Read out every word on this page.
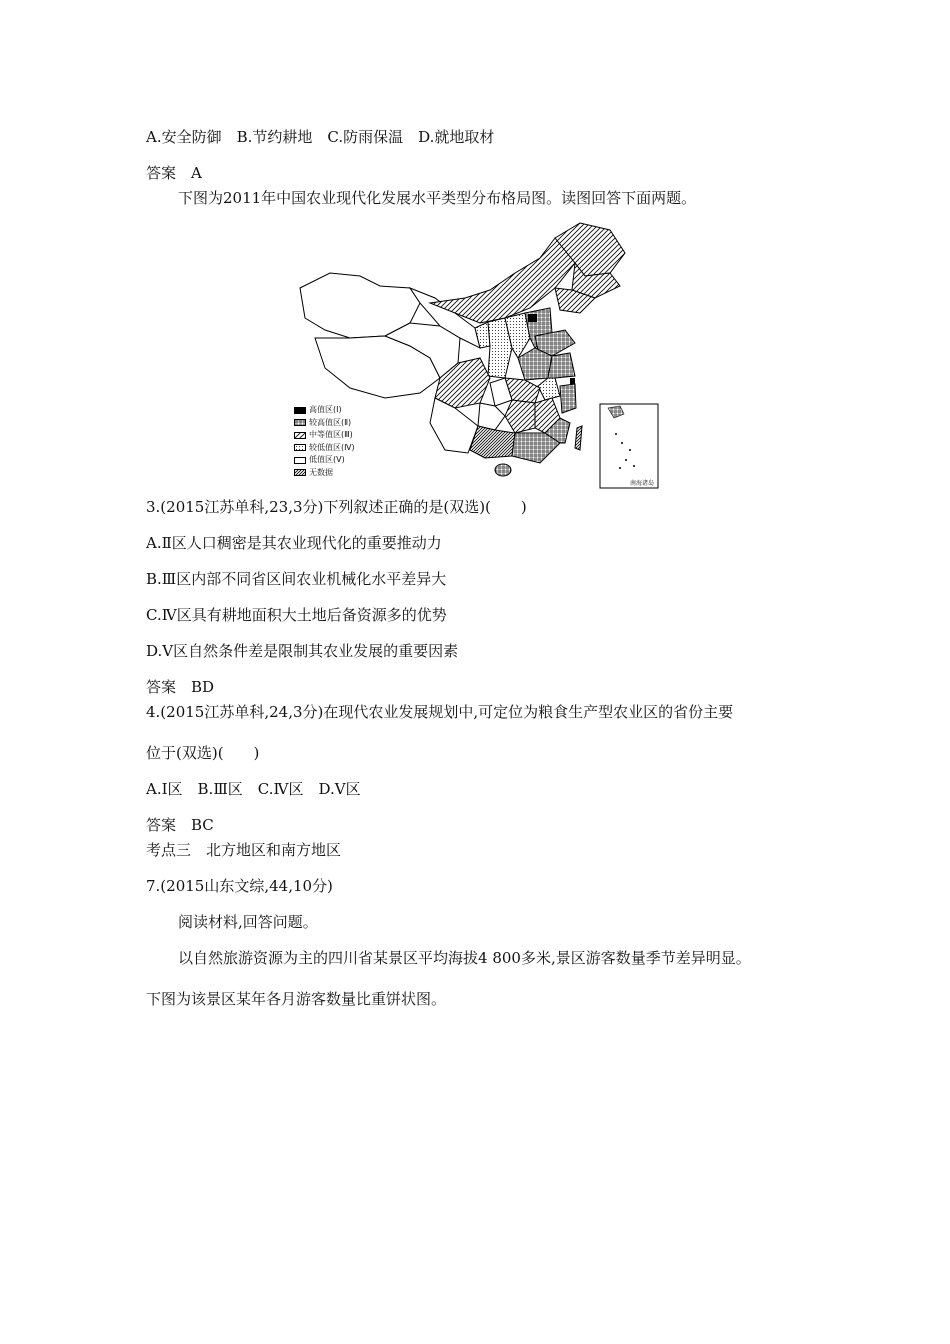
A.安全防御　B.节约耕地　C.防雨保温　D.就地取材
答案　A
下图为2011年中国农业现代化发展水平类型分布格局图。读图回答下面两题。
高值区(Ⅰ)
较高值区(Ⅱ)
中等值区(Ⅲ)
较低值区(Ⅳ)
低值区(Ⅴ)
无数据
南海诸岛
3.(2015江苏单科,23,3分)下列叙述正确的是(双选)(　　)
A.Ⅱ区人口稠密是其农业现代化的重要推动力
B.Ⅲ区内部不同省区间农业机械化水平差异大
C.Ⅳ区具有耕地面积大土地后备资源多的优势
D.Ⅴ区自然条件差是限制其农业发展的重要因素
答案　BD
4.(2015江苏单科,24,3分)在现代农业发展规划中,可定位为粮食生产型农业区的省份主要
位于(双选)(　　)
A.Ⅰ区　B.Ⅲ区　C.Ⅳ区　D.Ⅴ区
答案　BC
考点三　北方地区和南方地区
7.(2015山东文综,44,10分)
阅读材料,回答问题。
以自然旅游资源为主的四川省某景区平均海拔4 800多米,景区游客数量季节差异明显。
下图为该景区某年各月游客数量比重饼状图。
